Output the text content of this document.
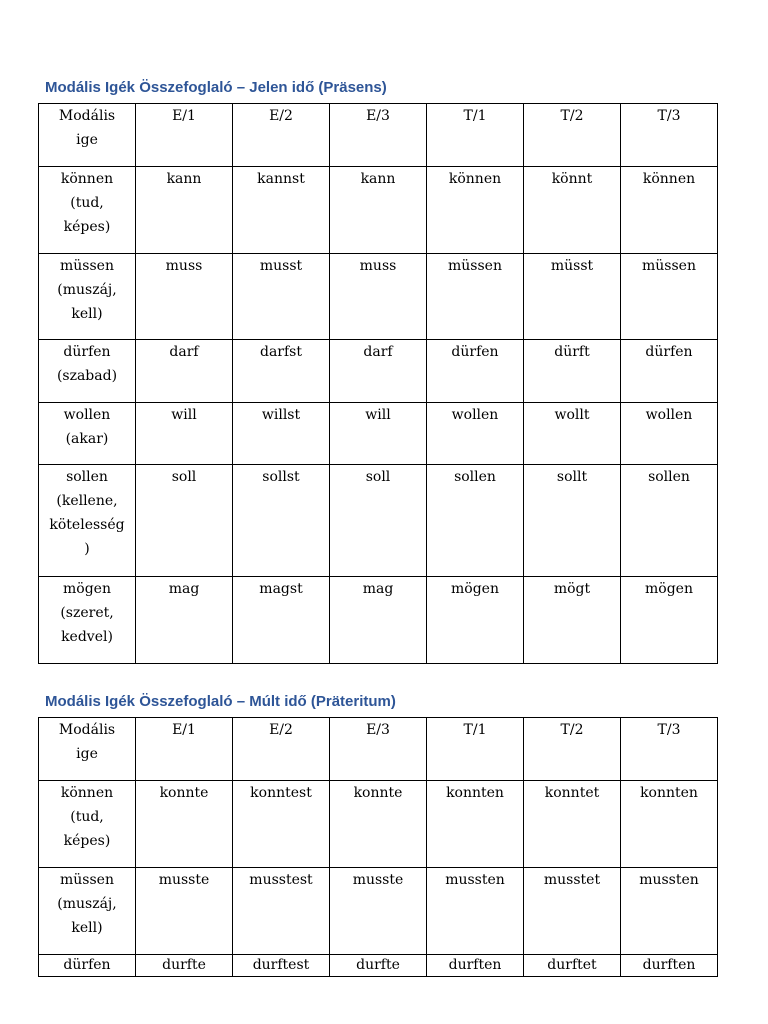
Modális Igék Összefoglaló – Jelen idő (Präsens)
Modális
ige	E/1	E/2	E/3	T/1	T/2	T/3

können
(tud,
képes)	kann	kannst	kann	können	könnt	können

müssen
(muszáj,
kell)	muss	musst	muss	müssen	müsst	müssen

dürfen
(szabad)	darf	darfst	darf	dürfen	dürft	dürfen

wollen
(akar)	will	willst	will	wollen	wollt	wollen

sollen
(kellene,
kötelesség
)	soll	sollst	soll	sollen	sollt	sollen

mögen
(szeret,
kedvel)	mag	magst	mag	mögen	mögt	mögen
Modális Igék Összefoglaló – Múlt idő (Präteritum)
Modális
ige	E/1	E/2	E/3	T/1	T/2	T/3

können
(tud,
képes)	konnte	konntest	konnte	konnten	konntet	konnten

müssen
(muszáj,
kell)	musste	musstest	musste	mussten	musstet	mussten

dürfen	durfte	durftest	durfte	durften	durftet	durften
